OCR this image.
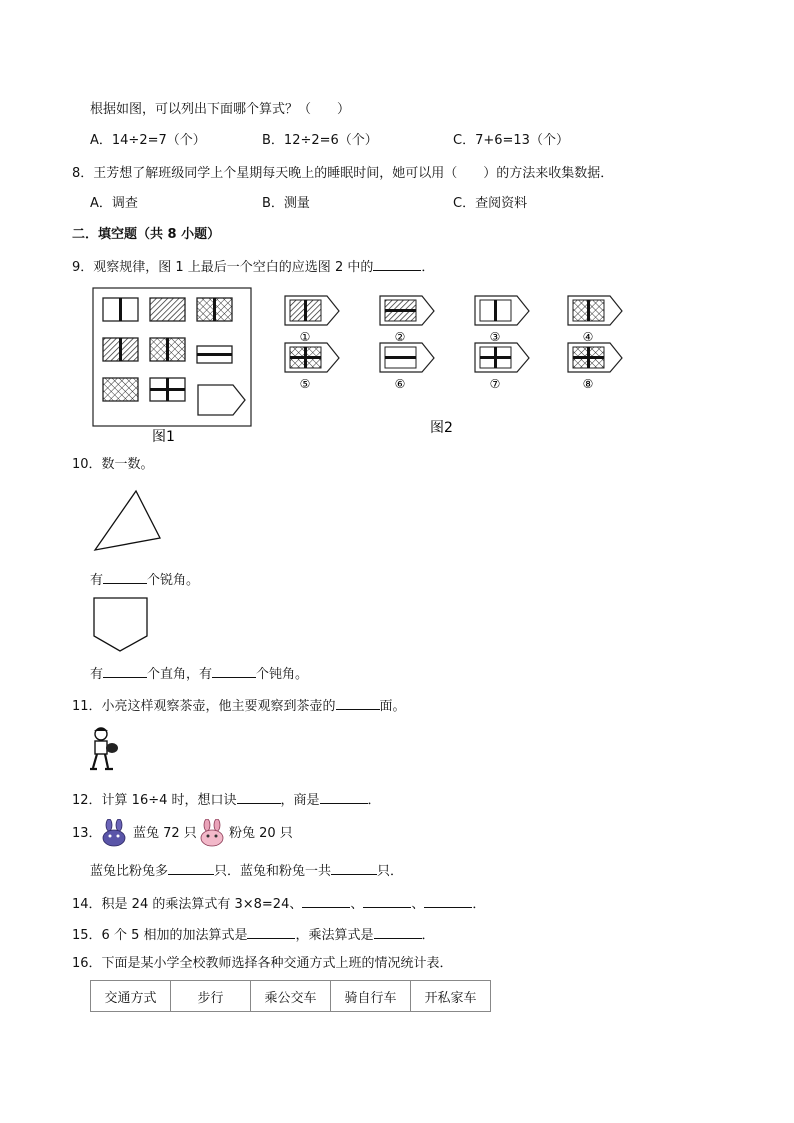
根据如图，可以列出下面哪个算式？（　　）
A．14÷2=7（个）	B．12÷2=6（个）	C．7+6=13（个）
8．王芳想了解班级同学上个星期每天晚上的睡眠时间，她可以用（　　）的方法来收集数据．
A．调查	B．测量	C．查阅资料
二．填空题（共 8 小题）
9．观察规律，图 1 上最后一个空白的应选图 2 中的	．
图1
①	②	③	④
⑤	⑥	⑦	⑧
图2
10．数一数。
有	个锐角。
有	个直角，有	个钝角。
11．小亮这样观察茶壶，他主要观察到茶壶的	面。
12．计算 16÷4 时，想口诀	，商是	．
13． 蓝兔 72 只 粉兔 20 只
蓝兔比粉兔多	只．蓝兔和粉兔一共	只．
14．积是 24 的乘法算式有 3×8=24、	、	、	．
15．6 个 5 相加的加法算式是	，乘法算式是	．
16．下面是某小学全校教师选择各种交通方式上班的情况统计表．
交通方式	步行	乘公交车	骑自行车	开私家车
